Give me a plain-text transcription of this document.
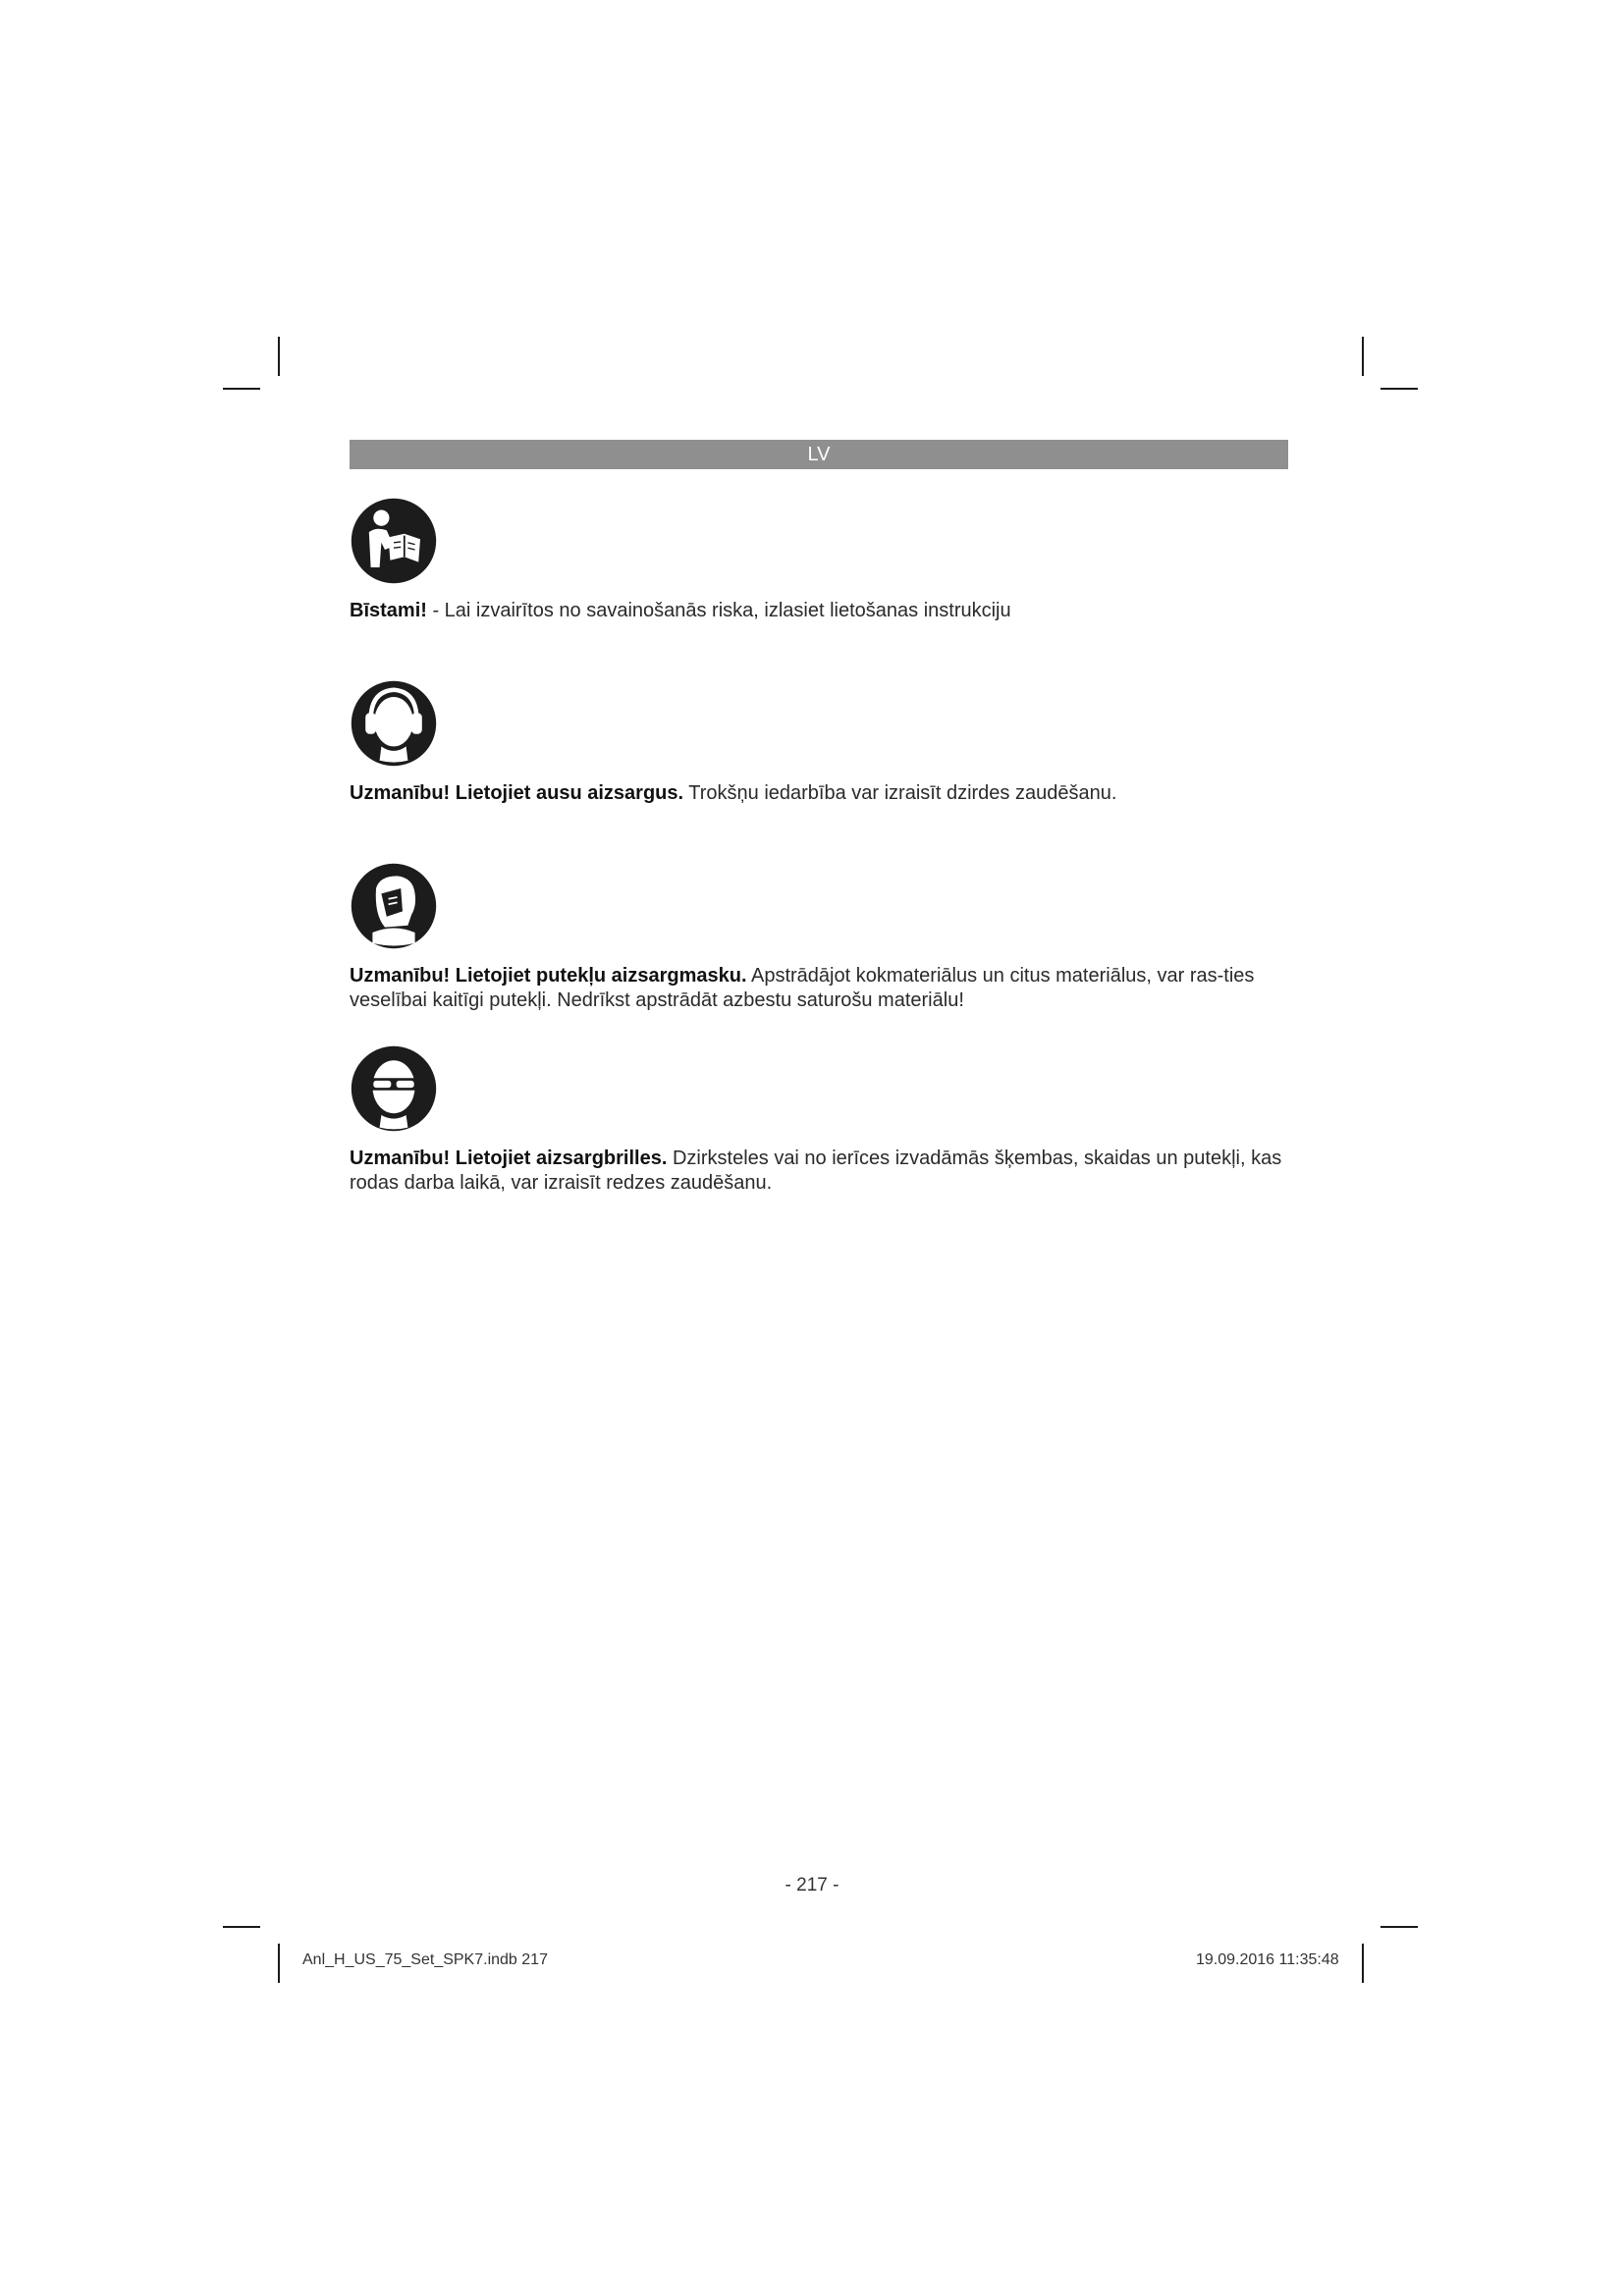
LV

Bīstami! - Lai izvairītos no savainošanās riska, izlasiet lietošanas instrukciju

Uzmanību! Lietojiet ausu aizsargus. Trokšņu iedarbība var izraisīt dzirdes zaudēšanu.

Uzmanību! Lietojiet putekļu aizsargmasku. Apstrādājot kokmateriālus un citus materiālus, var ras-ties veselībai kaitīgi putekļi. Nedrīkst apstrādāt azbestu saturošu materiālu!

Uzmanību! Lietojiet aizsargbrilles. Dzirksteles vai no ierīces izvadāmās šķembas, skaidas un putekļi, kas rodas darba laikā, var izraisīt redzes zaudēšanu.

- 217 -
Anl_H_US_75_Set_SPK7.indb 217	19.09.2016 11:35:48
